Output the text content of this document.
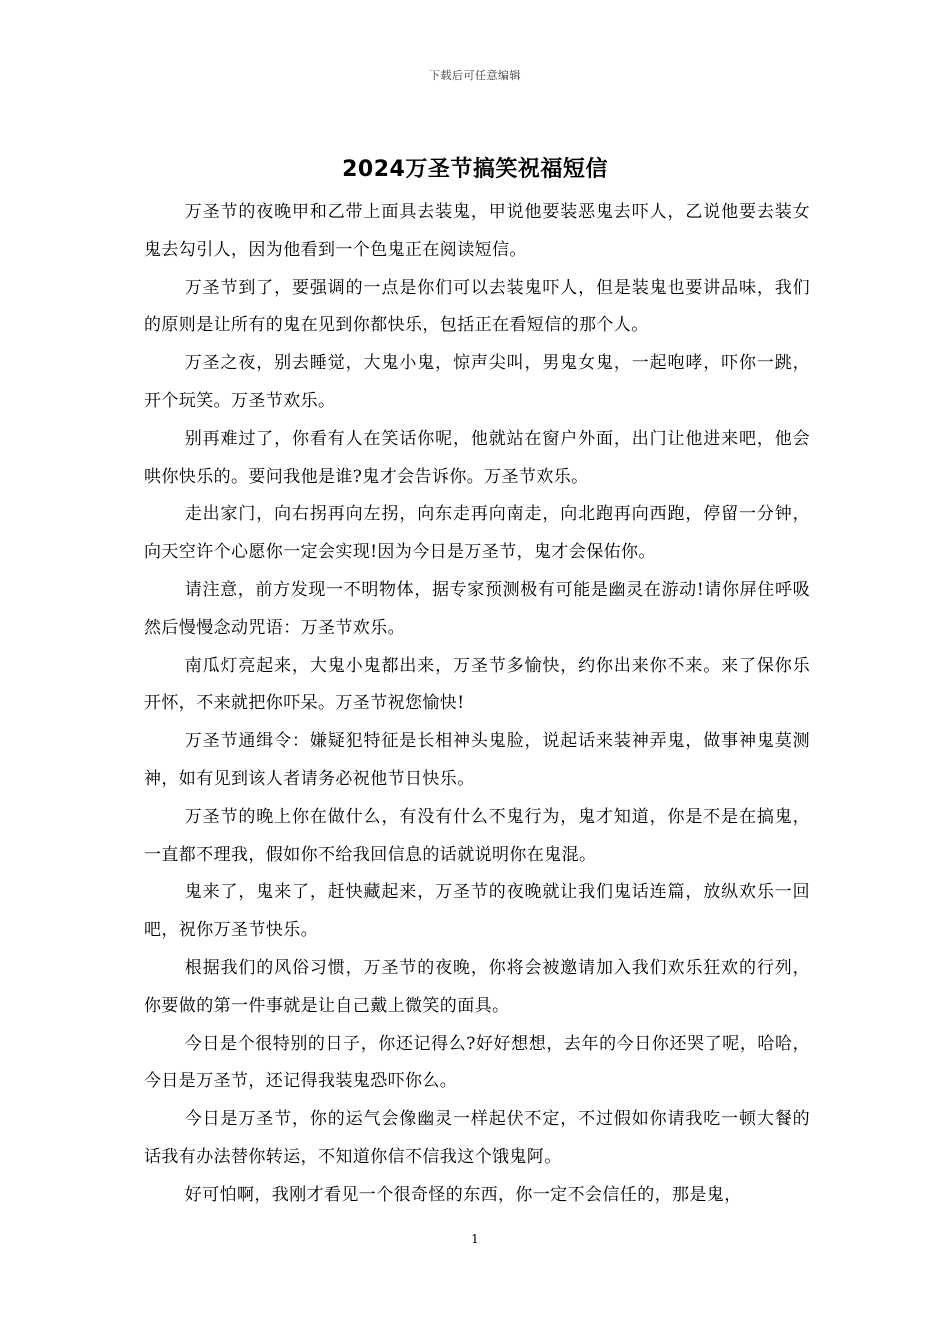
下载后可任意编辑
2024万圣节搞笑祝福短信

万圣节的夜晚甲和乙带上面具去装鬼，甲说他要装恶鬼去吓人，乙说他要去装女鬼去勾引人，因为他看到一个色鬼正在阅读短信。

万圣节到了，要强调的一点是你们可以去装鬼吓人，但是装鬼也要讲品味，我们的原则是让所有的鬼在见到你都快乐，包括正在看短信的那个人。

万圣之夜，别去睡觉，大鬼小鬼，惊声尖叫，男鬼女鬼，一起咆哮，吓你一跳，开个玩笑。万圣节欢乐。

别再难过了，你看有人在笑话你呢，他就站在窗户外面，出门让他进来吧，他会哄你快乐的。要问我他是谁?鬼才会告诉你。万圣节欢乐。

走出家门，向右拐再向左拐，向东走再向南走，向北跑再向西跑，停留一分钟，向天空许个心愿你一定会实现!因为今日是万圣节，鬼才会保佑你。

请注意，前方发现一不明物体，据专家预测极有可能是幽灵在游动!请你屏住呼吸然后慢慢念动咒语：万圣节欢乐。

南瓜灯亮起来，大鬼小鬼都出来，万圣节多愉快，约你出来你不来。来了保你乐开怀，不来就把你吓呆。万圣节祝您愉快!

万圣节通缉令：嫌疑犯特征是长相神头鬼脸，说起话来装神弄鬼，做事神鬼莫测神，如有见到该人者请务必祝他节日快乐。

万圣节的晚上你在做什么，有没有什么不鬼行为，鬼才知道，你是不是在搞鬼，一直都不理我，假如你不给我回信息的话就说明你在鬼混。

鬼来了，鬼来了，赶快藏起来，万圣节的夜晚就让我们鬼话连篇，放纵欢乐一回吧，祝你万圣节快乐。

根据我们的风俗习惯，万圣节的夜晚，你将会被邀请加入我们欢乐狂欢的行列，你要做的第一件事就是让自己戴上微笑的面具。

今日是个很特别的日子，你还记得么?好好想想，去年的今日你还哭了呢，哈哈，今日是万圣节，还记得我装鬼恐吓你么。

今日是万圣节，你的运气会像幽灵一样起伏不定，不过假如你请我吃一顿大餐的话我有办法替你转运，不知道你信不信我这个饿鬼阿。

好可怕啊，我刚才看见一个很奇怪的东西，你一定不会信任的，那是鬼，

1
